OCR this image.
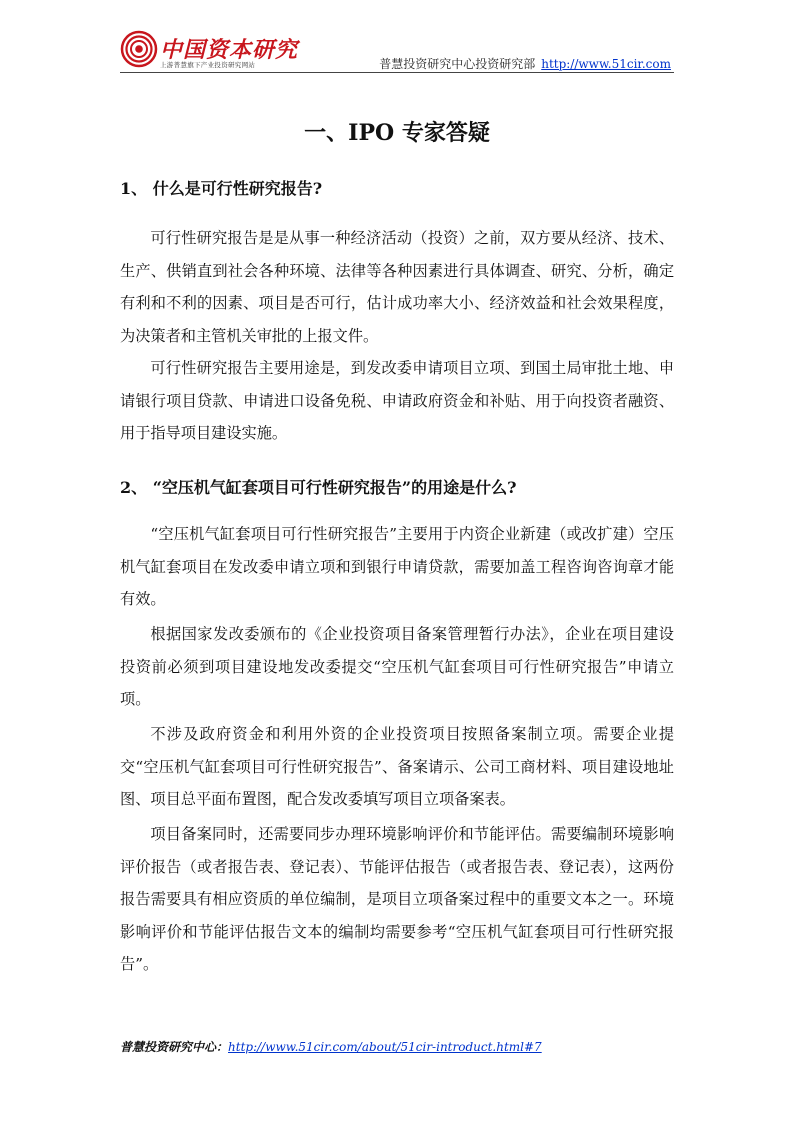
中国资本研究
上游普慧旗下产业投资研究网站	普慧投资研究中心投资研究部 http://www.51cir.com
一、IPO 专家答疑
1、 什么是可行性研究报告?

可行性研究报告是是从事一种经济活动（投资）之前，双方要从经济、技术、生产、供销直到社会各种环境、法律等各种因素进行具体调查、研究、分析，确定有利和不利的因素、项目是否可行，估计成功率大小、经济效益和社会效果程度，为决策者和主管机关审批的上报文件。

可行性研究报告主要用途是，到发改委申请项目立项、到国土局审批土地、申请银行项目贷款、申请进口设备免税、申请政府资金和补贴、用于向投资者融资、用于指导项目建设实施。

2、 “空压机气缸套项目可行性研究报告”的用途是什么?

“空压机气缸套项目可行性研究报告”主要用于内资企业新建（或改扩建）空压机气缸套项目在发改委申请立项和到银行申请贷款，需要加盖工程咨询咨询章才能有效。

根据国家发改委颁布的《企业投资项目备案管理暂行办法》，企业在项目建设投资前必须到项目建设地发改委提交“空压机气缸套项目可行性研究报告”申请立项。

不涉及政府资金和利用外资的企业投资项目按照备案制立项。需要企业提交“空压机气缸套项目可行性研究报告”、备案请示、公司工商材料、项目建设地址图、项目总平面布置图，配合发改委填写项目立项备案表。

项目备案同时，还需要同步办理环境影响评价和节能评估。需要编制环境影响评价报告（或者报告表、登记表）、节能评估报告（或者报告表、登记表），这两份报告需要具有相应资质的单位编制，是项目立项备案过程中的重要文本之一。环境影响评价和节能评估报告文本的编制均需要参考“空压机气缸套项目可行性研究报告”。

普慧投资研究中心：http://www.51cir.com/about/51cir-introduct.html#7
